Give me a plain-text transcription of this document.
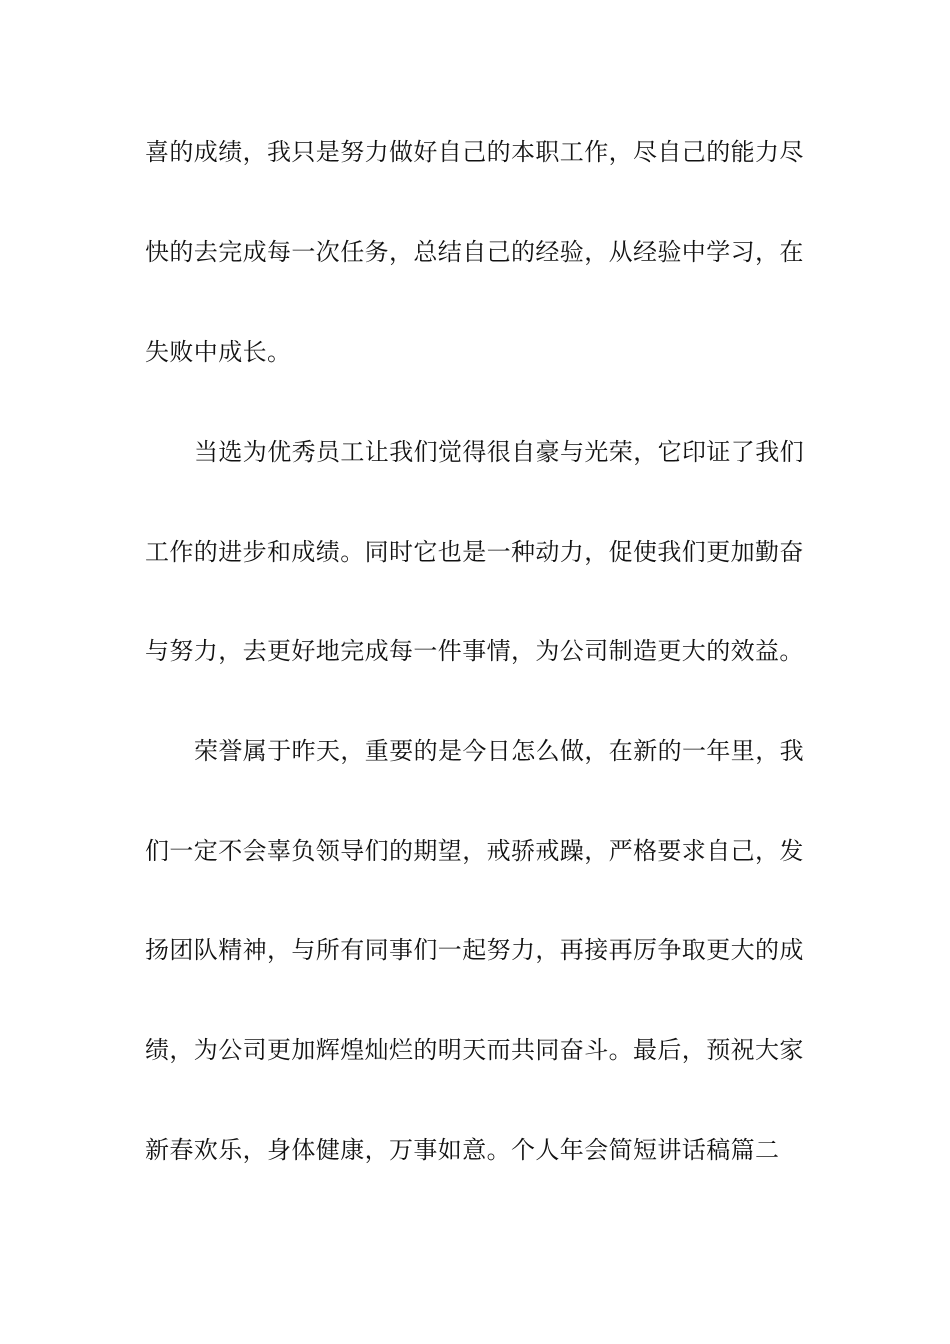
喜的成绩，我只是努力做好自己的本职工作，尽自己的能力尽
快的去完成每一次任务，总结自己的经验，从经验中学习，在
失败中成长。
当选为优秀员工让我们觉得很自豪与光荣，它印证了我们
工作的进步和成绩。同时它也是一种动力，促使我们更加勤奋
与努力，去更好地完成每一件事情，为公司制造更大的效益。
荣誉属于昨天，重要的是今日怎么做，在新的一年里，我
们一定不会辜负领导们的期望，戒骄戒躁，严格要求自己，发
扬团队精神，与所有同事们一起努力，再接再厉争取更大的成
绩，为公司更加辉煌灿烂的明天而共同奋斗。最后，预祝大家
新春欢乐，身体健康，万事如意。个人年会简短讲话稿篇二
